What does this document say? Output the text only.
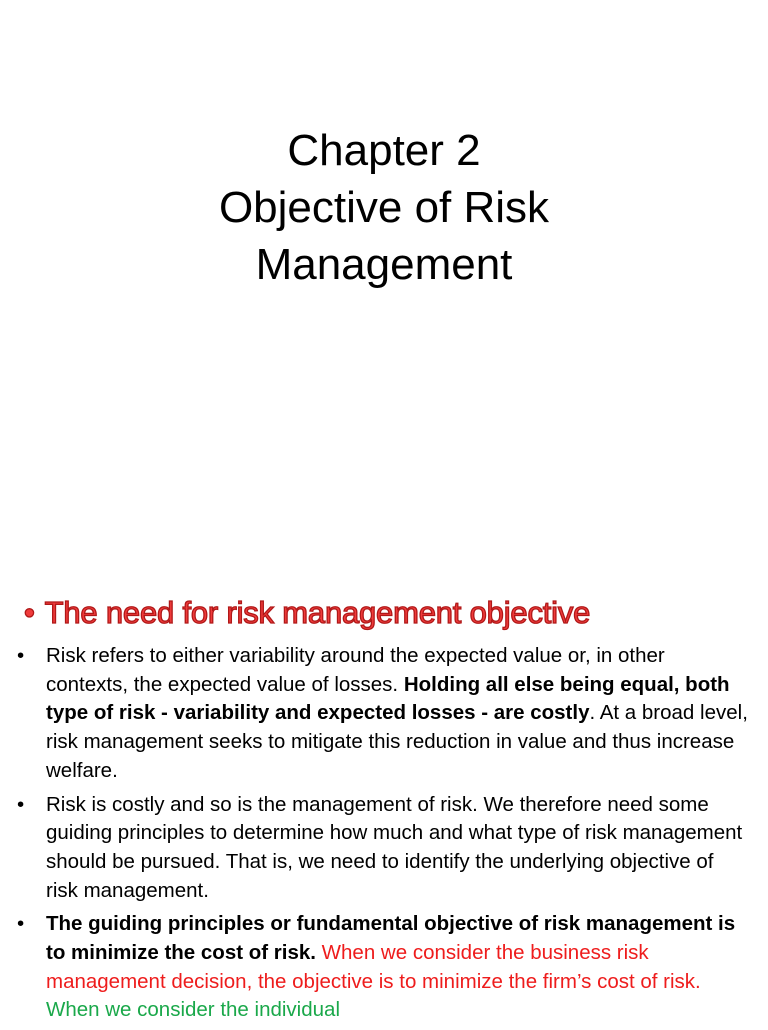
Chapter 2
Objective of Risk
Management
• The need for risk management objective
• Risk refers to either variability around the expected value or, in other contexts, the expected value of losses. Holding all else being equal, both type of risk - variability and expected losses - are costly. At a broad level, risk management seeks to mitigate this reduction in value and thus increase welfare.
• Risk is costly and so is the management of risk. We therefore need some guiding principles to determine how much and what type of risk management should be pursued. That is, we need to identify the underlying objective of risk management.
• The guiding principles or fundamental objective of risk management is to minimize the cost of risk. When we consider the business risk management decision, the objective is to minimize the firm’s cost of risk. When we consider the individual
